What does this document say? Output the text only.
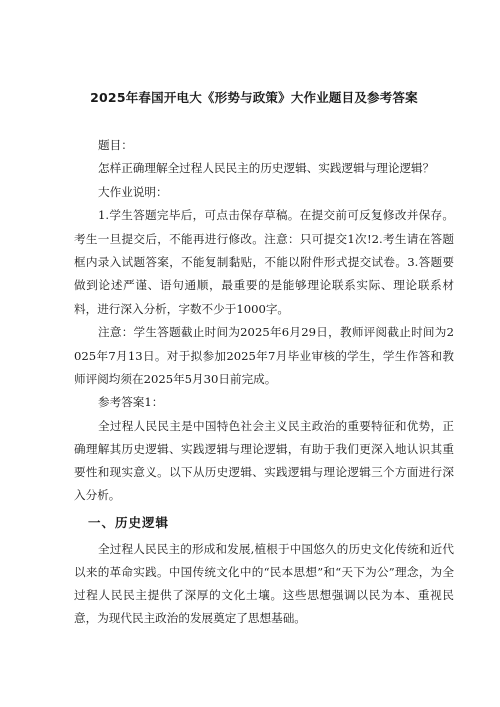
2025年春国开电大《形势与政策》大作业题目及参考答案

题目：

怎样正确理解全过程人民民主的历史逻辑、实践逻辑与理论逻辑？

大作业说明：

1.学生答题完毕后，可点击保存草稿。在提交前可反复修改并保存。考生一旦提交后，不能再进行修改。注意：只可提交1次!2.考生请在答题框内录入试题答案，不能复制黏贴，不能以附件形式提交试卷。3.答题要做到论述严谨、语句通顺，最重要的是能够理论联系实际、理论联系材料，进行深入分析，字数不少于1000字。

注意：学生答题截止时间为2025年6月29日，教师评阅截止时间为2025年7月13日。对于拟参加2025年7月毕业审核的学生，学生作答和教师评阅均须在2025年5月30日前完成。

参考答案1：

全过程人民民主是中国特色社会主义民主政治的重要特征和优势，正确理解其历史逻辑、实践逻辑与理论逻辑，有助于我们更深入地认识其重要性和现实意义。以下从历史逻辑、实践逻辑与理论逻辑三个方面进行深入分析。

一、历史逻辑

全过程人民民主的形成和发展,植根于中国悠久的历史文化传统和近代以来的革命实践。中国传统文化中的“民本思想”和“天下为公”理念，为全过程人民民主提供了深厚的文化土壤。这些思想强调以民为本、重视民意，为现代民主政治的发展奠定了思想基础。
